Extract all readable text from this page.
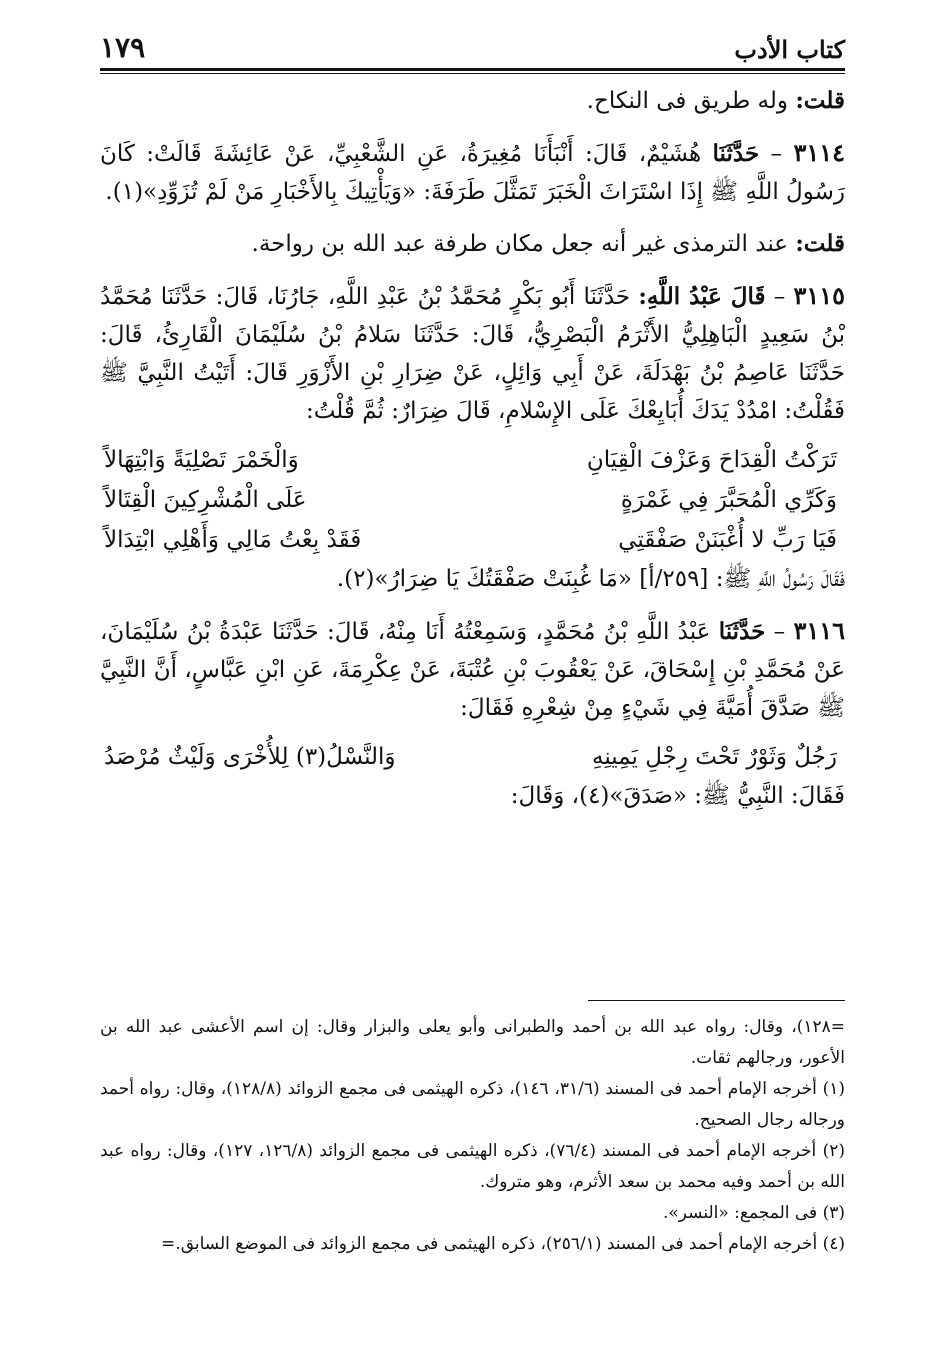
كتاب الأدب
١٧٩

قلت: وله طريق فى النكاح.

٣١١٤ – حَدَّثَنَا هُشَيْمٌ، قَالَ: أَنْبَأَنَا مُغِيرَةُ، عَنِ الشَّعْبِيِّ، عَنْ عَائِشَةَ قَالَتْ: كَانَ رَسُولُ اللَّهِ ﷺ إِذَا اسْتَرَاثَ الْخَبَرَ تَمَثَّلَ طَرَفَةَ: «وَيَأْتِيكَ بِالأَخْبَارِ مَنْ لَمْ تُزَوِّدِ»(١).

قلت: عند الترمذى غير أنه جعل مكان طرفة عبد الله بن رواحة.

٣١١٥ – قَالَ عَبْدُ اللَّهِ: حَدَّثَنَا أَبُو بَكْرٍ مُحَمَّدُ بْنُ عَبْدِ اللَّهِ، جَارُنَا، قَالَ: حَدَّثَنَا مُحَمَّدُ بْنُ سَعِيدٍ الْبَاهِلِيُّ الأَثْرَمُ الْبَصْرِيُّ، قَالَ: حَدَّثَنَا سَلامُ بْنُ سُلَيْمَانَ الْقَارِئُ، قَالَ: حَدَّثَنَا عَاصِمُ بْنُ بَهْدَلَةَ، عَنْ أَبِي وَائِلٍ، عَنْ ضِرَارِ بْنِ الأَزْوَرِ قَالَ: أَتَيْتُ النَّبِيَّ ﷺ فَقُلْتُ: امْدُدْ يَدَكَ أُبَايِعْكَ عَلَى الإِسْلامِ، قَالَ ضِرَارٌ: ثُمَّ قُلْتُ:

تَرَكْتُ الْقِدَاحَ وَعَزْفَ الْقِيَانِ
وَالْخَمْرَ تَصْلِيَةً وَابْتِهَالاً
وَكَرِّي الْمُحَبَّرَ فِي غَمْرَةٍ
عَلَى الْمُشْرِكِينَ الْقِتَالاً
فَيَا رَبِّ لا أُغْبَنَنْ صَفْقَتِي
فَقَدْ بِعْتُ مَالِي وَأَهْلِي ابْتِدَالاً

فَقَالَ رَسُولُ اللَّهِ ﷺ: [٢٥٩/أ] «مَا غُبِنَتْ صَفْقَتُكَ يَا ضِرَارُ»(٢).

٣١١٦ – حَدَّثَنَا عَبْدُ اللَّهِ بْنُ مُحَمَّدٍ، وَسَمِعْتُهُ أَنَا مِنْهُ، قَالَ: حَدَّثَنَا عَبْدَةُ بْنُ سُلَيْمَانَ، عَنْ مُحَمَّدِ بْنِ إِسْحَاقَ، عَنْ يَعْقُوبَ بْنِ عُتْبَةَ، عَنْ عِكْرِمَةَ، عَنِ ابْنِ عَبَّاسٍ، أَنَّ النَّبِيَّ ﷺ صَدَّقَ أُمَيَّةَ فِي شَيْءٍ مِنْ شِعْرِهِ فَقَالَ:

رَجُلٌ وَثَوْرٌ تَحْتَ رِجْلِ يَمِينِهِ
وَالنَّسْلُ(٣) لِلأُخْرَى وَلَيْثٌ مُرْصَدُ

فَقَالَ: النَّبِيُّ ﷺ: «صَدَقَ»(٤)، وَقَالَ:

=١٢٨)، وقال: رواه عبد الله بن أحمد والطبرانى وأبو يعلى والبزار وقال: إن اسم الأعشى عبد الله بن الأعور، ورجالهم ثقات.

(١) أخرجه الإمام أحمد فى المسند (٣١/٦، ١٤٦)، ذكره الهيثمى فى مجمع الزوائد (١٢٨/٨)، وقال: رواه أحمد ورجاله رجال الصحيح.

(٢) أخرجه الإمام أحمد فى المسند (٧٦/٤)، ذكره الهيثمى فى مجمع الزوائد (١٢٦/٨، ١٢٧)، وقال: رواه عبد الله بن أحمد وفيه محمد بن سعد الأثرم، وهو متروك.

(٣) فى المجمع: «النسر».

(٤) أخرجه الإمام أحمد فى المسند (٢٥٦/١)، ذكره الهيثمى فى مجمع الزوائد فى الموضع السابق.=
